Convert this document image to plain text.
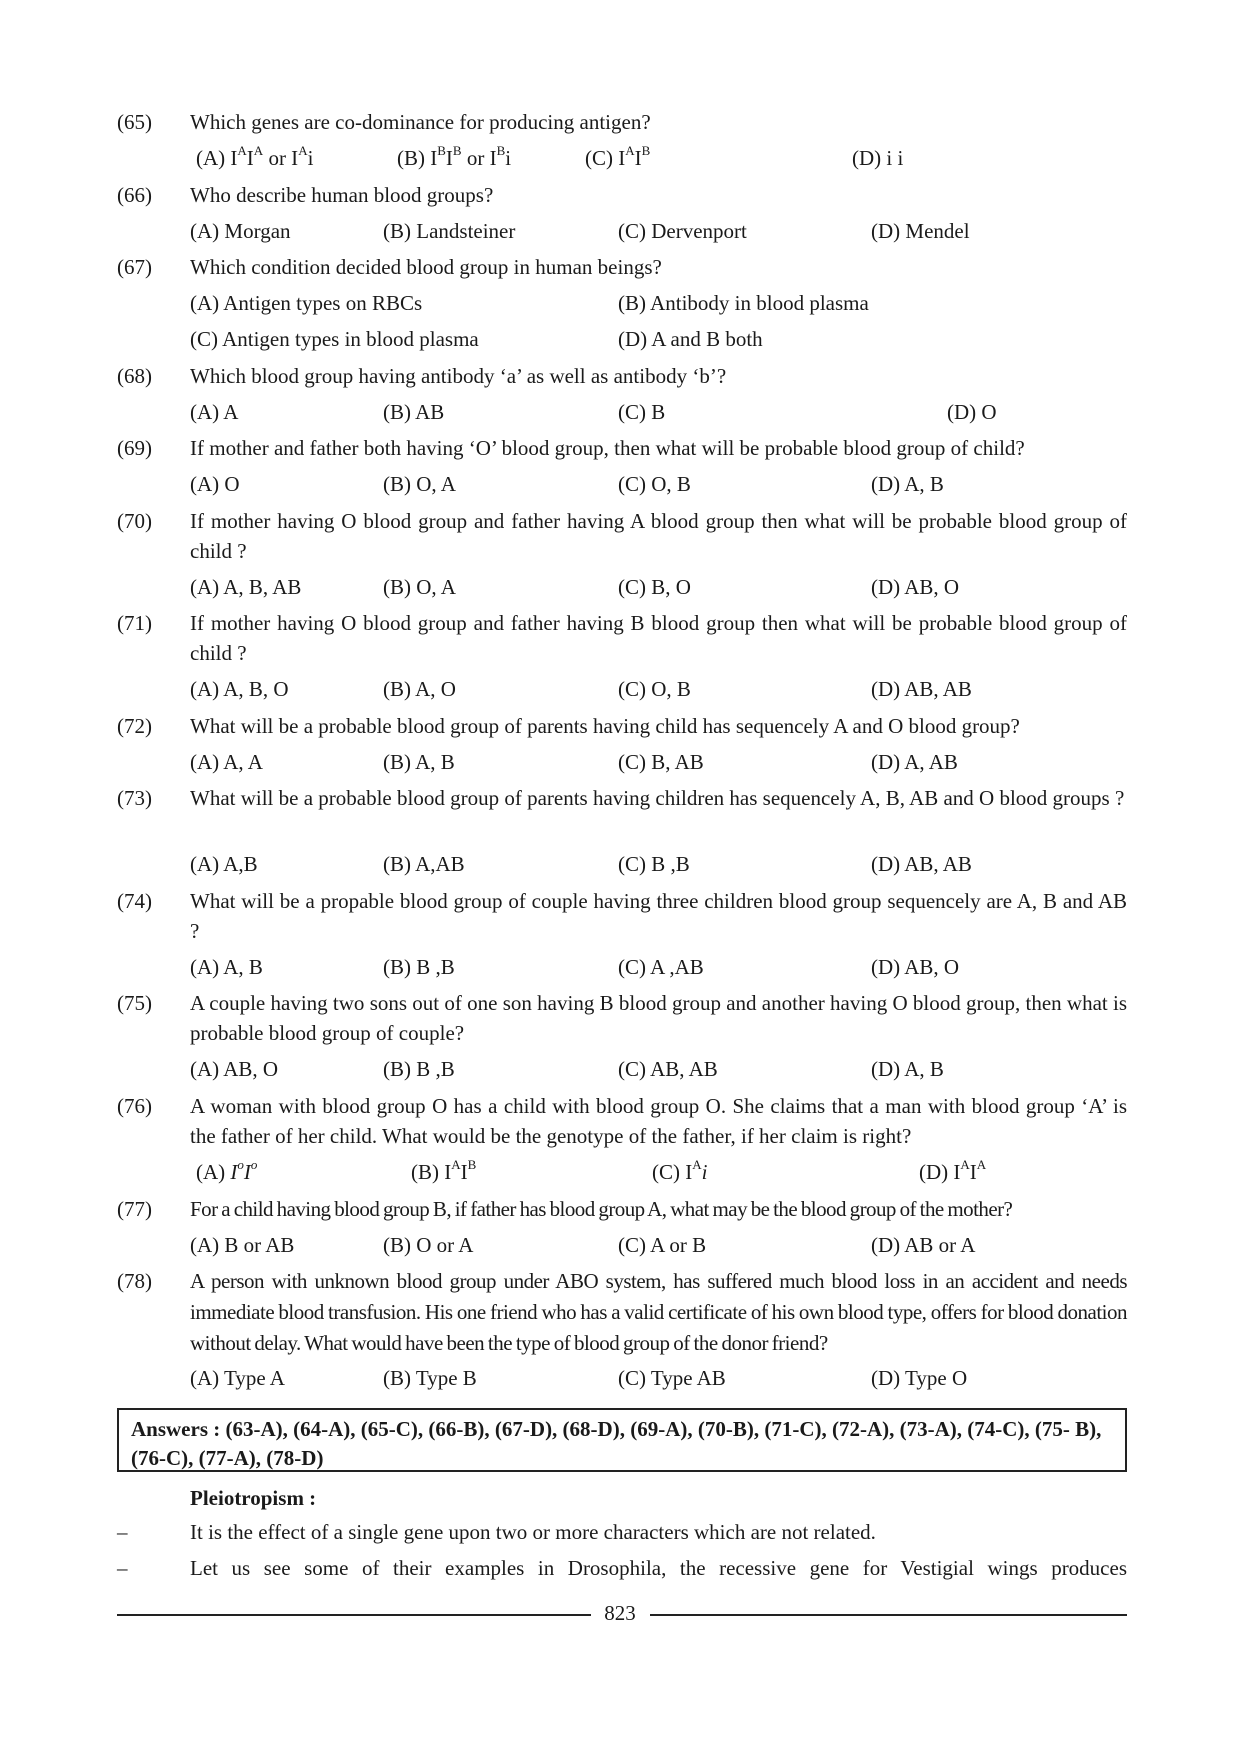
(65)	Which genes are co-dominance for producing antigen?
(A) $I^AI^A$ or $I^Ai$	(B) $I^BI^B$ or $I^Bi$	(C) $I^AI^B$	(D) i i
(66)	Who describe human blood groups?
(A) Morgan	(B) Landsteiner	(C) Dervenport	(D) Mendel
(67)	Which condition decided blood group in human beings?
(A) Antigen types on RBCs	(B) Antibody in blood plasma
(C) Antigen types in blood plasma	(D) A and B both
(68)	Which blood group having antibody ‘a’ as well as antibody ‘b’?
(A) A	(B) AB	(C) B	(D) O
(69)	If mother and father both having ‘O’ blood group, then what will be probable blood group of child?
(A) O	(B) O, A	(C) O, B	(D) A, B
(70)	If mother having O blood group and father having A blood group then what will be probable blood group of child ?
(A) A, B, AB	(B) O, A	(C) B, O	(D) AB, O
(71)	If mother having O blood group and father having B blood group then what will be probable blood group of child ?
(A) A, B, O	(B) A, O	(C) O, B	(D) AB, AB
(72)	What will be a probable blood group of parents having child has sequencely A and O blood group?
(A) A, A	(B) A, B	(C) B, AB	(D) A, AB
(73)	What will be a probable blood group of parents having children has sequencely A, B, AB and O blood groups ?
(A) A,B	(B) A,AB	(C) B ,B	(D) AB, AB
(74)	What will be a propable blood group of couple having three children blood group sequencely are A, B and AB ?
(A) A, B	(B) B ,B	(C) A ,AB	(D) AB, O
(75)	A couple having two sons out of one son having B blood group and another having O blood group, then what is probable blood group of couple?
(A) AB, O	(B) B ,B	(C) AB, AB	(D) A, B
(76)	A woman with blood group O has a child with blood group O. She claims that a man with blood group ‘A’ is the father of her child. What would be the genotype of the father, if her claim is right?
(A) $I^oI^o$	(B) $I^AI^B$	(C) $I^Ai$	(D) $I^AI^A$
(77)	For a child having blood group B, if father has blood group A, what may be the blood group of the mother?
(A) B or AB	(B) O or A	(C) A or B	(D) AB or A
(78)	A person with unknown blood group under ABO system, has suffered much blood loss in an accident and needs immediate blood transfusion. His one friend who has a valid certificate of his own blood type, offers for blood donation without delay. What would have been the type of blood group of the donor friend?
(A) Type A	(B) Type B	(C) Type AB	(D) Type O
Answers : (63-A), (64-A), (65-C), (66-B), (67-D), (68-D), (69-A), (70-B), (71-C), (72-A), (73-A), (74-C), (75- B), (76-C), (77-A), (78-D)
Pleiotropism :
–	It is the effect of a single gene upon two or more characters which are not related.
–	Let us see some of their examples in Drosophila, the recessive gene for Vestigial wings produces
823
